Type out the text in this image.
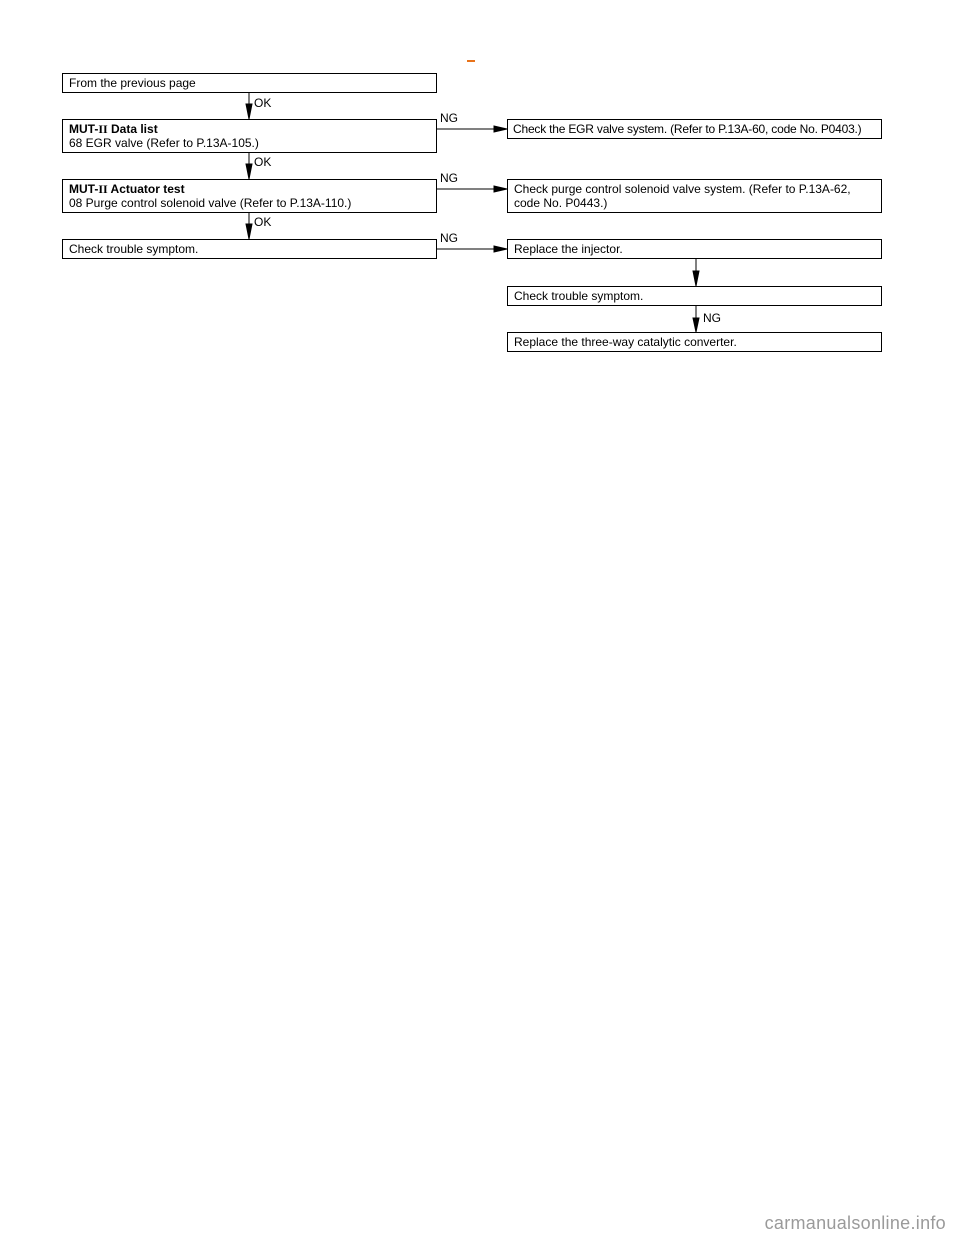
From the previous page
MUT-II Data list
68 EGR valve (Refer to P.13A-105.)
MUT-II Actuator test
08 Purge control solenoid valve (Refer to P.13A-110.)
Check trouble symptom.
Check the EGR valve system. (Refer to P.13A-60, code No. P0403.)
Check purge control solenoid valve system. (Refer to P.13A-62,
code No. P0443.)
Replace the injector.
Check trouble symptom.
Replace the three-way catalytic converter.
OK
OK
OK
NG
NG
NG
NG
carmanualsonline.info
